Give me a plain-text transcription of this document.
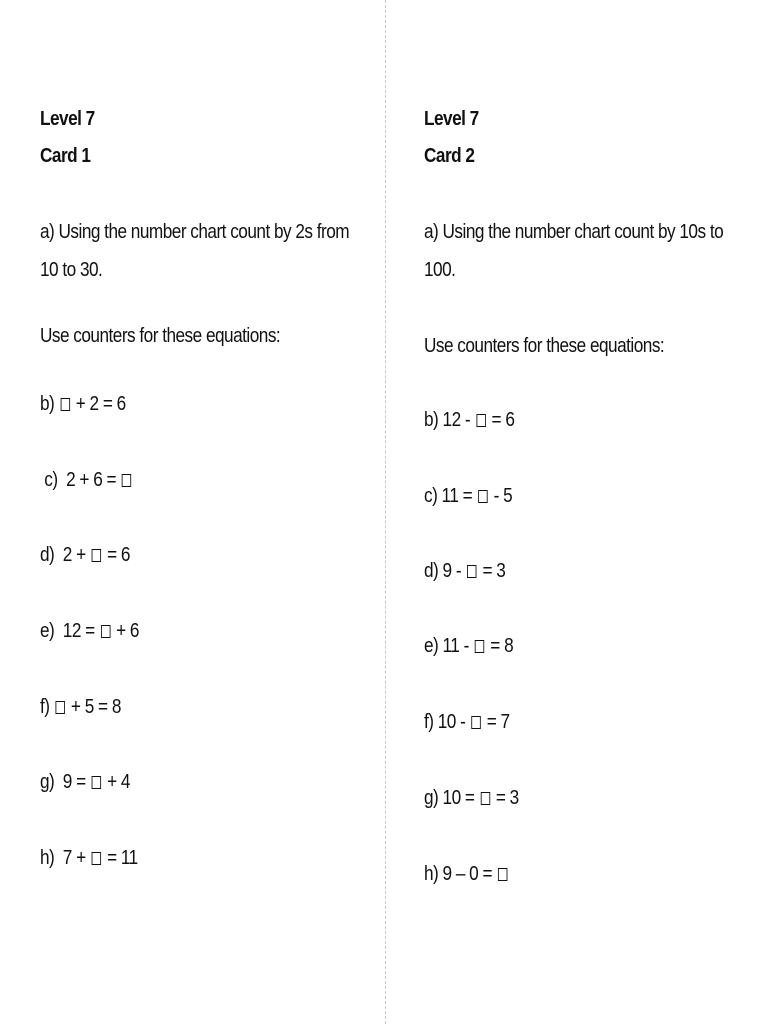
Level 7
Card 1
a) Using the number chart count by 2s from 10 to 30.
Use counters for these equations:
b) + 2 = 6
c)  2 + 6 =
d)  2 + = 6
e)  12 = + 6
f) + 5 = 8
g)  9 = + 4
h)  7 + = 11
Level 7
Card 2
a) Using the number chart count by 10s to 100.
Use counters for these equations:
b) 12 - = 6
c) 11 = - 5
d) 9 - = 3
e) 11 - = 8
f) 10 - = 7
g) 10 = = 3
h) 9 – 0 =
